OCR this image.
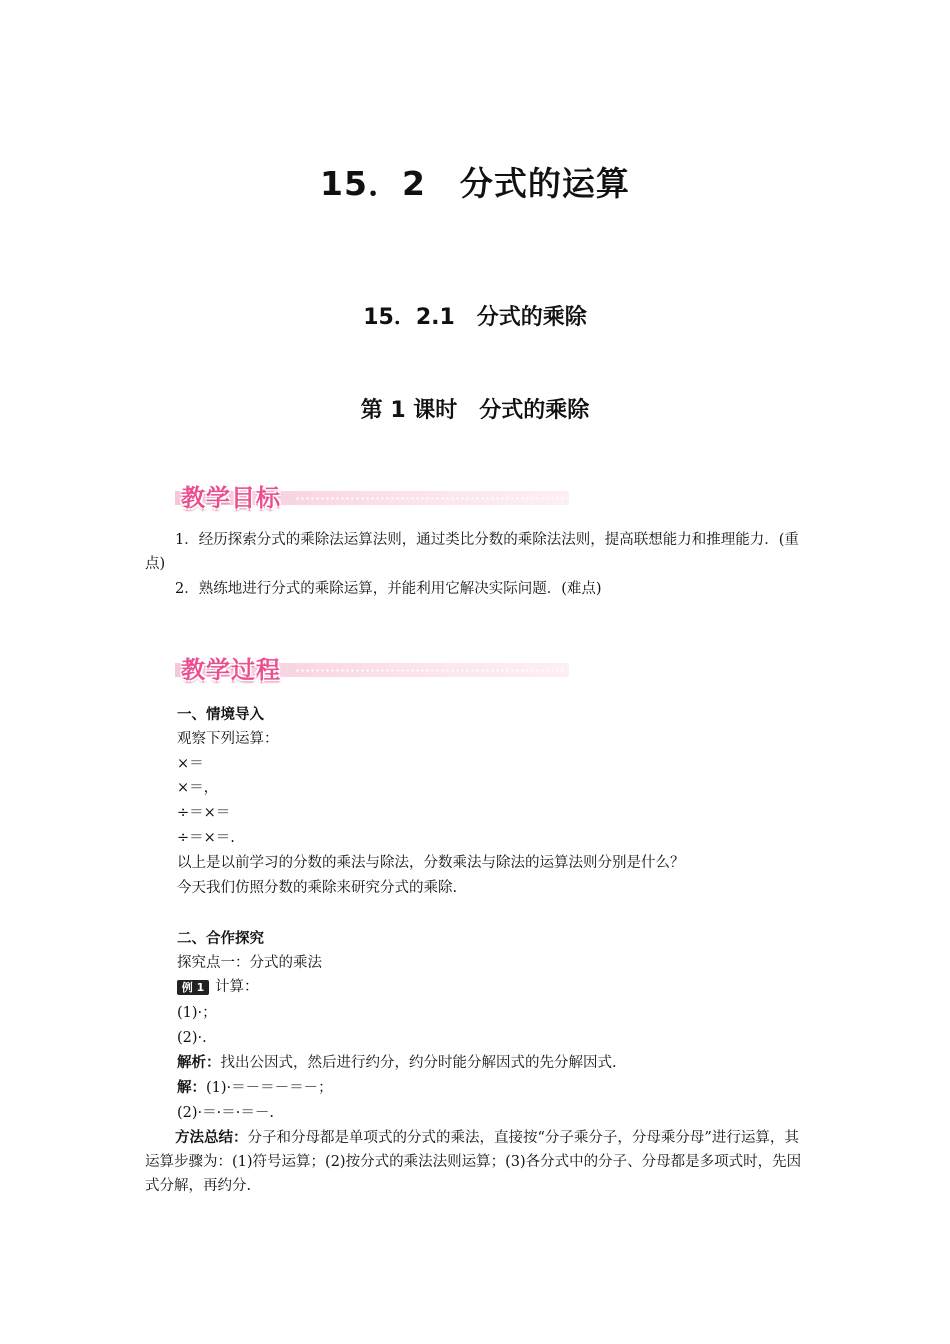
15．2　分式的运算
15．2.1　分式的乘除
第 1 课时　分式的乘除
教学目标
1．经历探索分式的乘除法运算法则，通过类比分数的乘除法法则，提高联想能力和推理能力．(重点)
2．熟练地进行分式的乘除运算，并能利用它解决实际问题．(难点)
教学过程
一、情境导入
观察下列运算：
×＝
×＝，
÷＝×＝
÷＝×＝.
以上是以前学习的分数的乘法与除法，分数乘法与除法的运算法则分别是什么？
今天我们仿照分数的乘除来研究分式的乘除.
二、合作探究
探究点一：分式的乘法
例 1 计算：
(1)·；
(2)·.
解析：找出公因式，然后进行约分，约分时能分解因式的先分解因式.
解：(1)·＝－＝－＝－；
(2)·＝·＝·＝－.
方法总结：分子和分母都是单项式的分式的乘法，直接按“分子乘分子，分母乘分母”进行运算，其运算步骤为：(1)符号运算；(2)按分式的乘法法则运算；(3)各分式中的分子、分母都是多项式时，先因式分解，再约分.
